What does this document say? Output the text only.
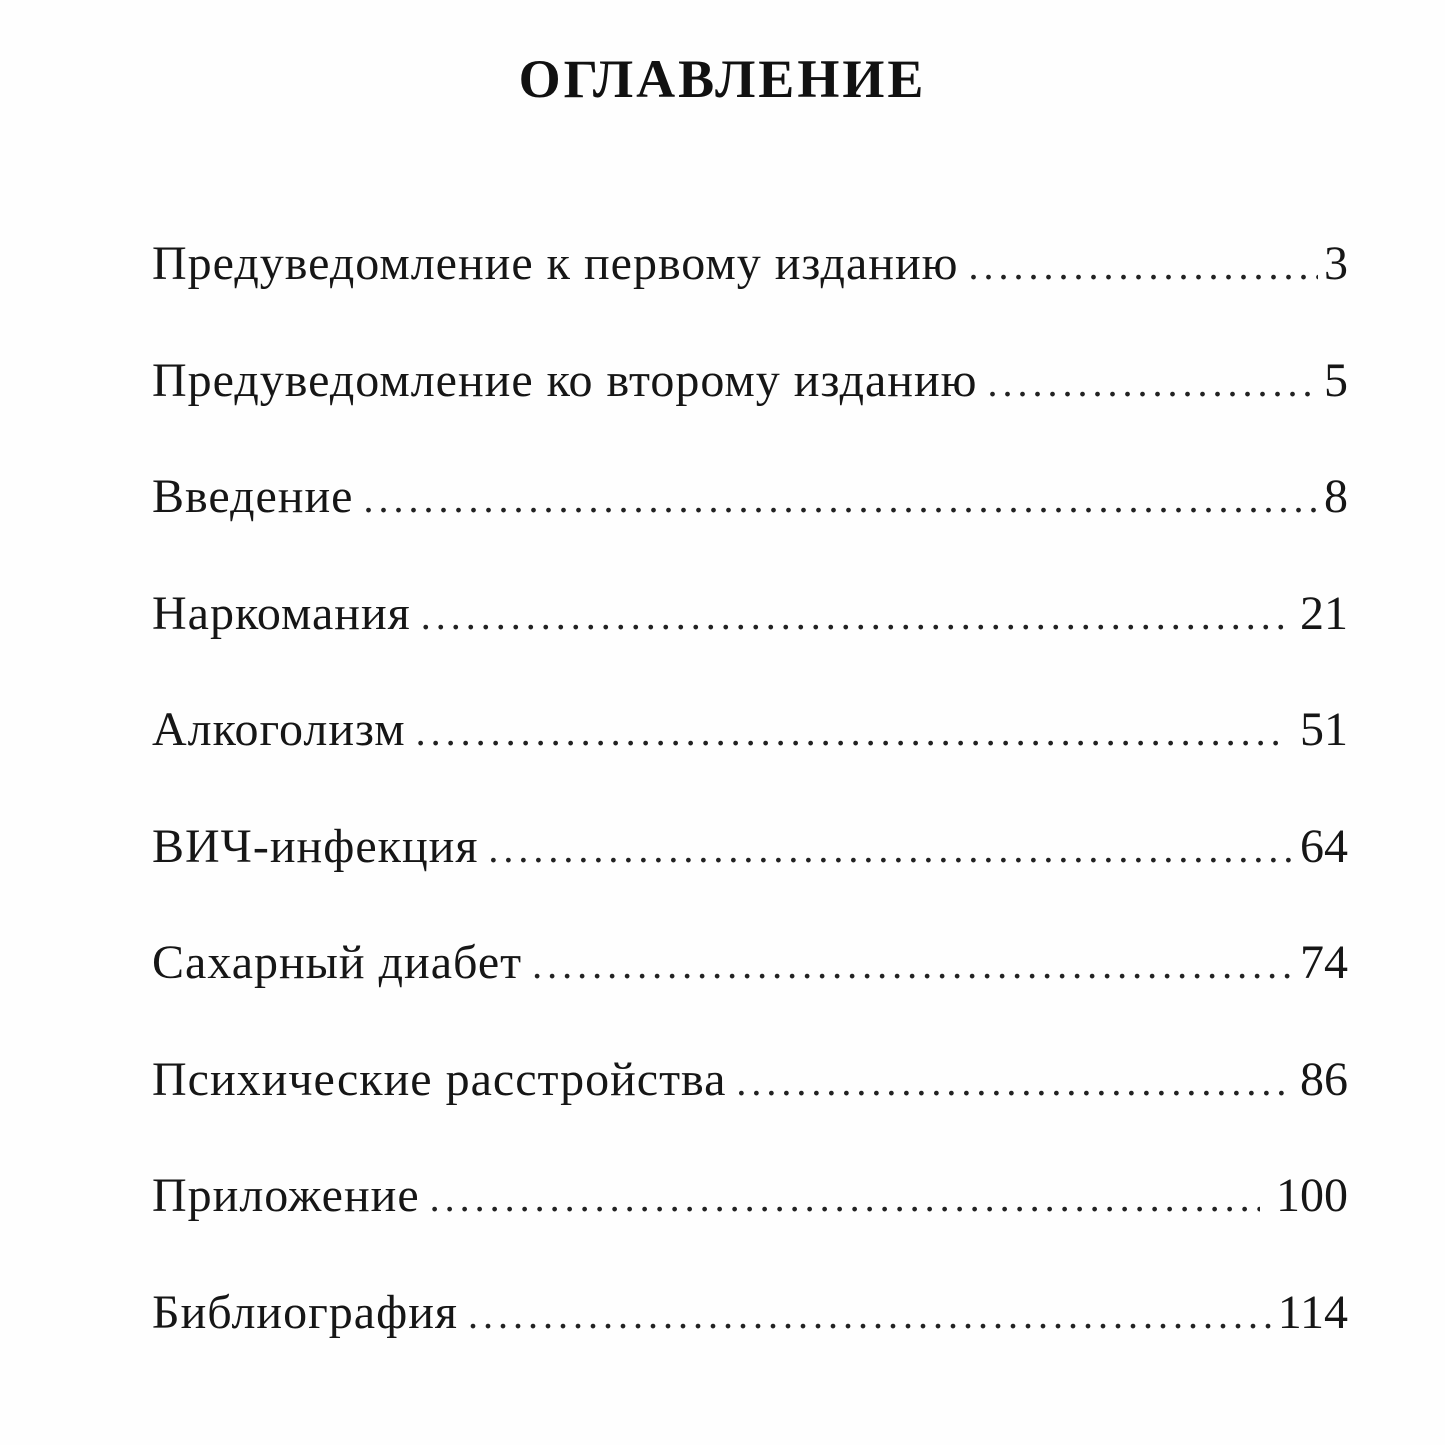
ОГЛАВЛЕНИЕ
Предуведомление к первому изданию .....	3
Предуведомление ко второму изданию .....	5
Введение .....	8
Наркомания .....	21
Алкоголизм .....	51
ВИЧ-инфекция .....	64
Сахарный диабет .....	74
Психические расстройства .....	86
Приложение .....	100
Библиография .....	114
